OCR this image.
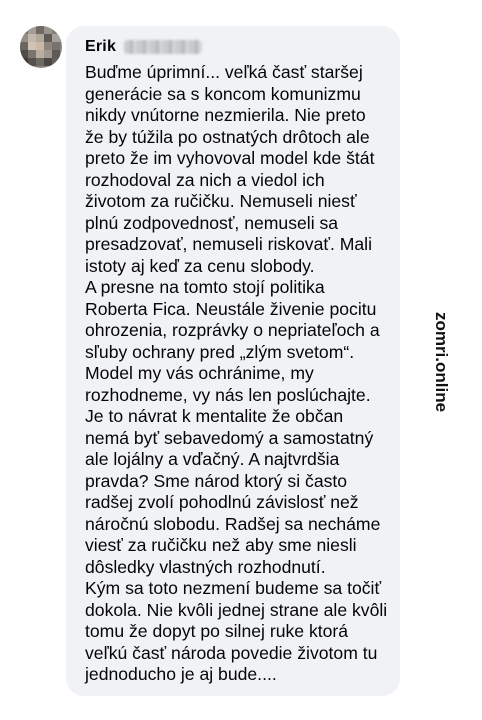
Erik
Buďme úprimní... veľká časť staršej
generácie sa s koncom komunizmu
nikdy vnútorne nezmierila. Nie preto
že by túžila po ostnatých drôtoch ale
preto že im vyhovoval model kde štát
rozhodoval za nich a viedol ich
životom za ručičku. Nemuseli niesť
plnú zodpovednosť, nemuseli sa
presadzovať, nemuseli riskovať. Mali
istoty aj keď za cenu slobody.
A presne na tomto stojí politika
Roberta Fica. Neustále živenie pocitu
ohrozenia, rozprávky o nepriateľoch a
sľuby ochrany pred „zlým svetom“.
Model my vás ochránime, my
rozhodneme, vy nás len poslúchajte.
Je to návrat k mentalite že občan
nemá byť sebavedomý a samostatný
ale lojálny a vďačný. A najtvrdšia
pravda? Sme národ ktorý si často
radšej zvolí pohodlnú závislosť než
náročnú slobodu. Radšej sa necháme
viesť za ručičku než aby sme niesli
dôsledky vlastných rozhodnutí.
Kým sa toto nezmení budeme sa točiť
dokola. Nie kvôli jednej strane ale kvôli
tomu že dopyt po silnej ruke ktorá
veľkú časť národa povedie životom tu
jednoducho je aj bude....
zomri.online
